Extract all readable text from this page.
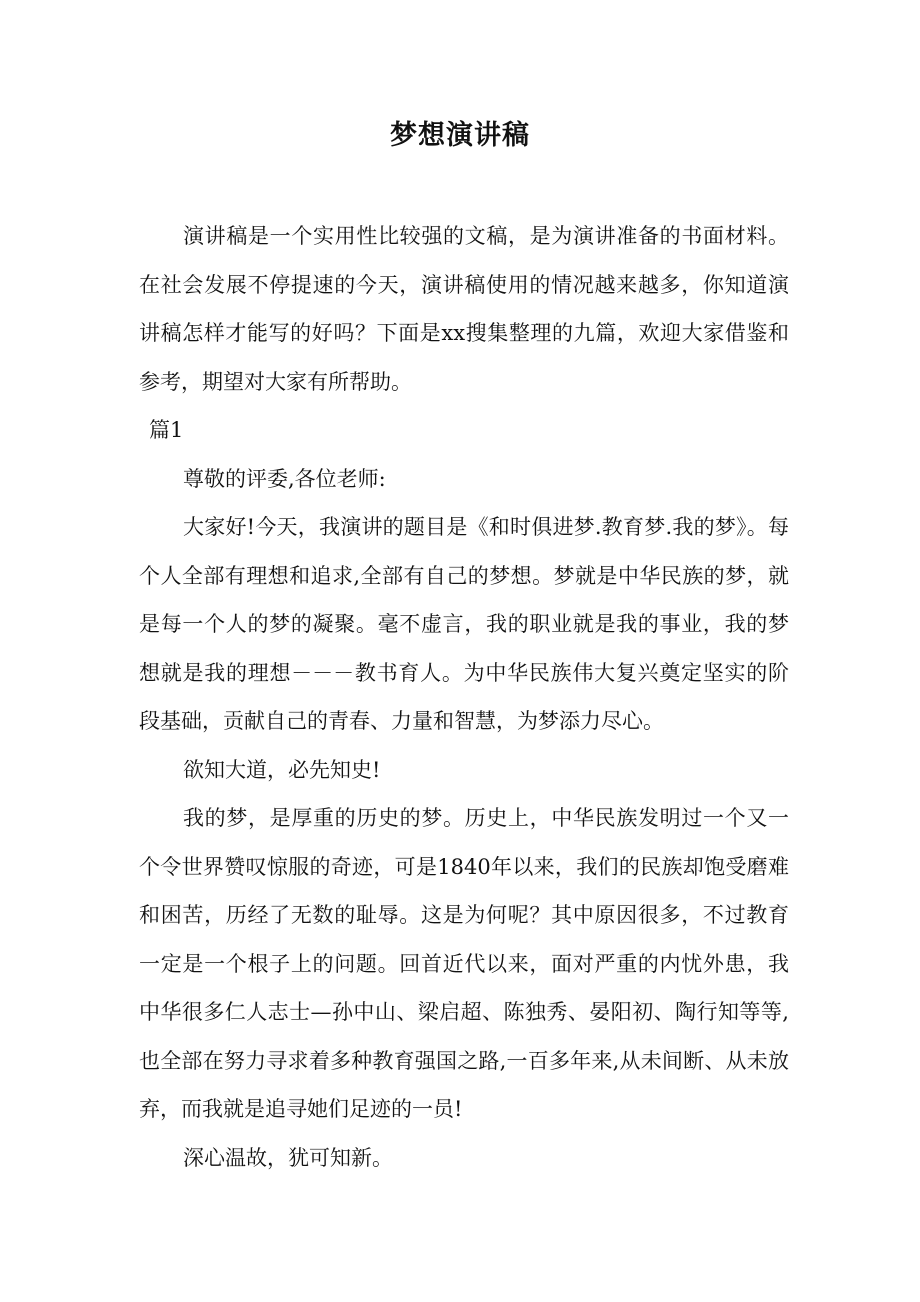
梦想演讲稿

演讲稿是一个实用性比较强的文稿，是为演讲准备的书面材料。在社会发展不停提速的今天，演讲稿使用的情况越来越多，你知道演讲稿怎样才能写的好吗？下面是xx搜集整理的九篇，欢迎大家借鉴和参考，期望对大家有所帮助。

篇1

尊敬的评委,各位老师:

大家好!今天，我演讲的题目是《和时俱进梦.教育梦.我的梦》。每个人全部有理想和追求,全部有自己的梦想。梦就是中华民族的梦，就是每一个人的梦的凝聚。毫不虚言，我的职业就是我的事业，我的梦想就是我的理想－－－教书育人。为中华民族伟大复兴奠定坚实的阶段基础，贡献自己的青春、力量和智慧，为梦添力尽心。

欲知大道，必先知史!

我的梦，是厚重的历史的梦。历史上，中华民族发明过一个又一个令世界赞叹惊服的奇迹，可是1840年以来，我们的民族却饱受磨难和困苦，历经了无数的耻辱。这是为何呢？其中原因很多，不过教育一定是一个根子上的问题。回首近代以来，面对严重的内忧外患，我中华很多仁人志士—孙中山、梁启超、陈独秀、晏阳初、陶行知等等,也全部在努力寻求着多种教育强国之路,一百多年来,从未间断、从未放弃，而我就是追寻她们足迹的一员!

深心温故，犹可知新。
